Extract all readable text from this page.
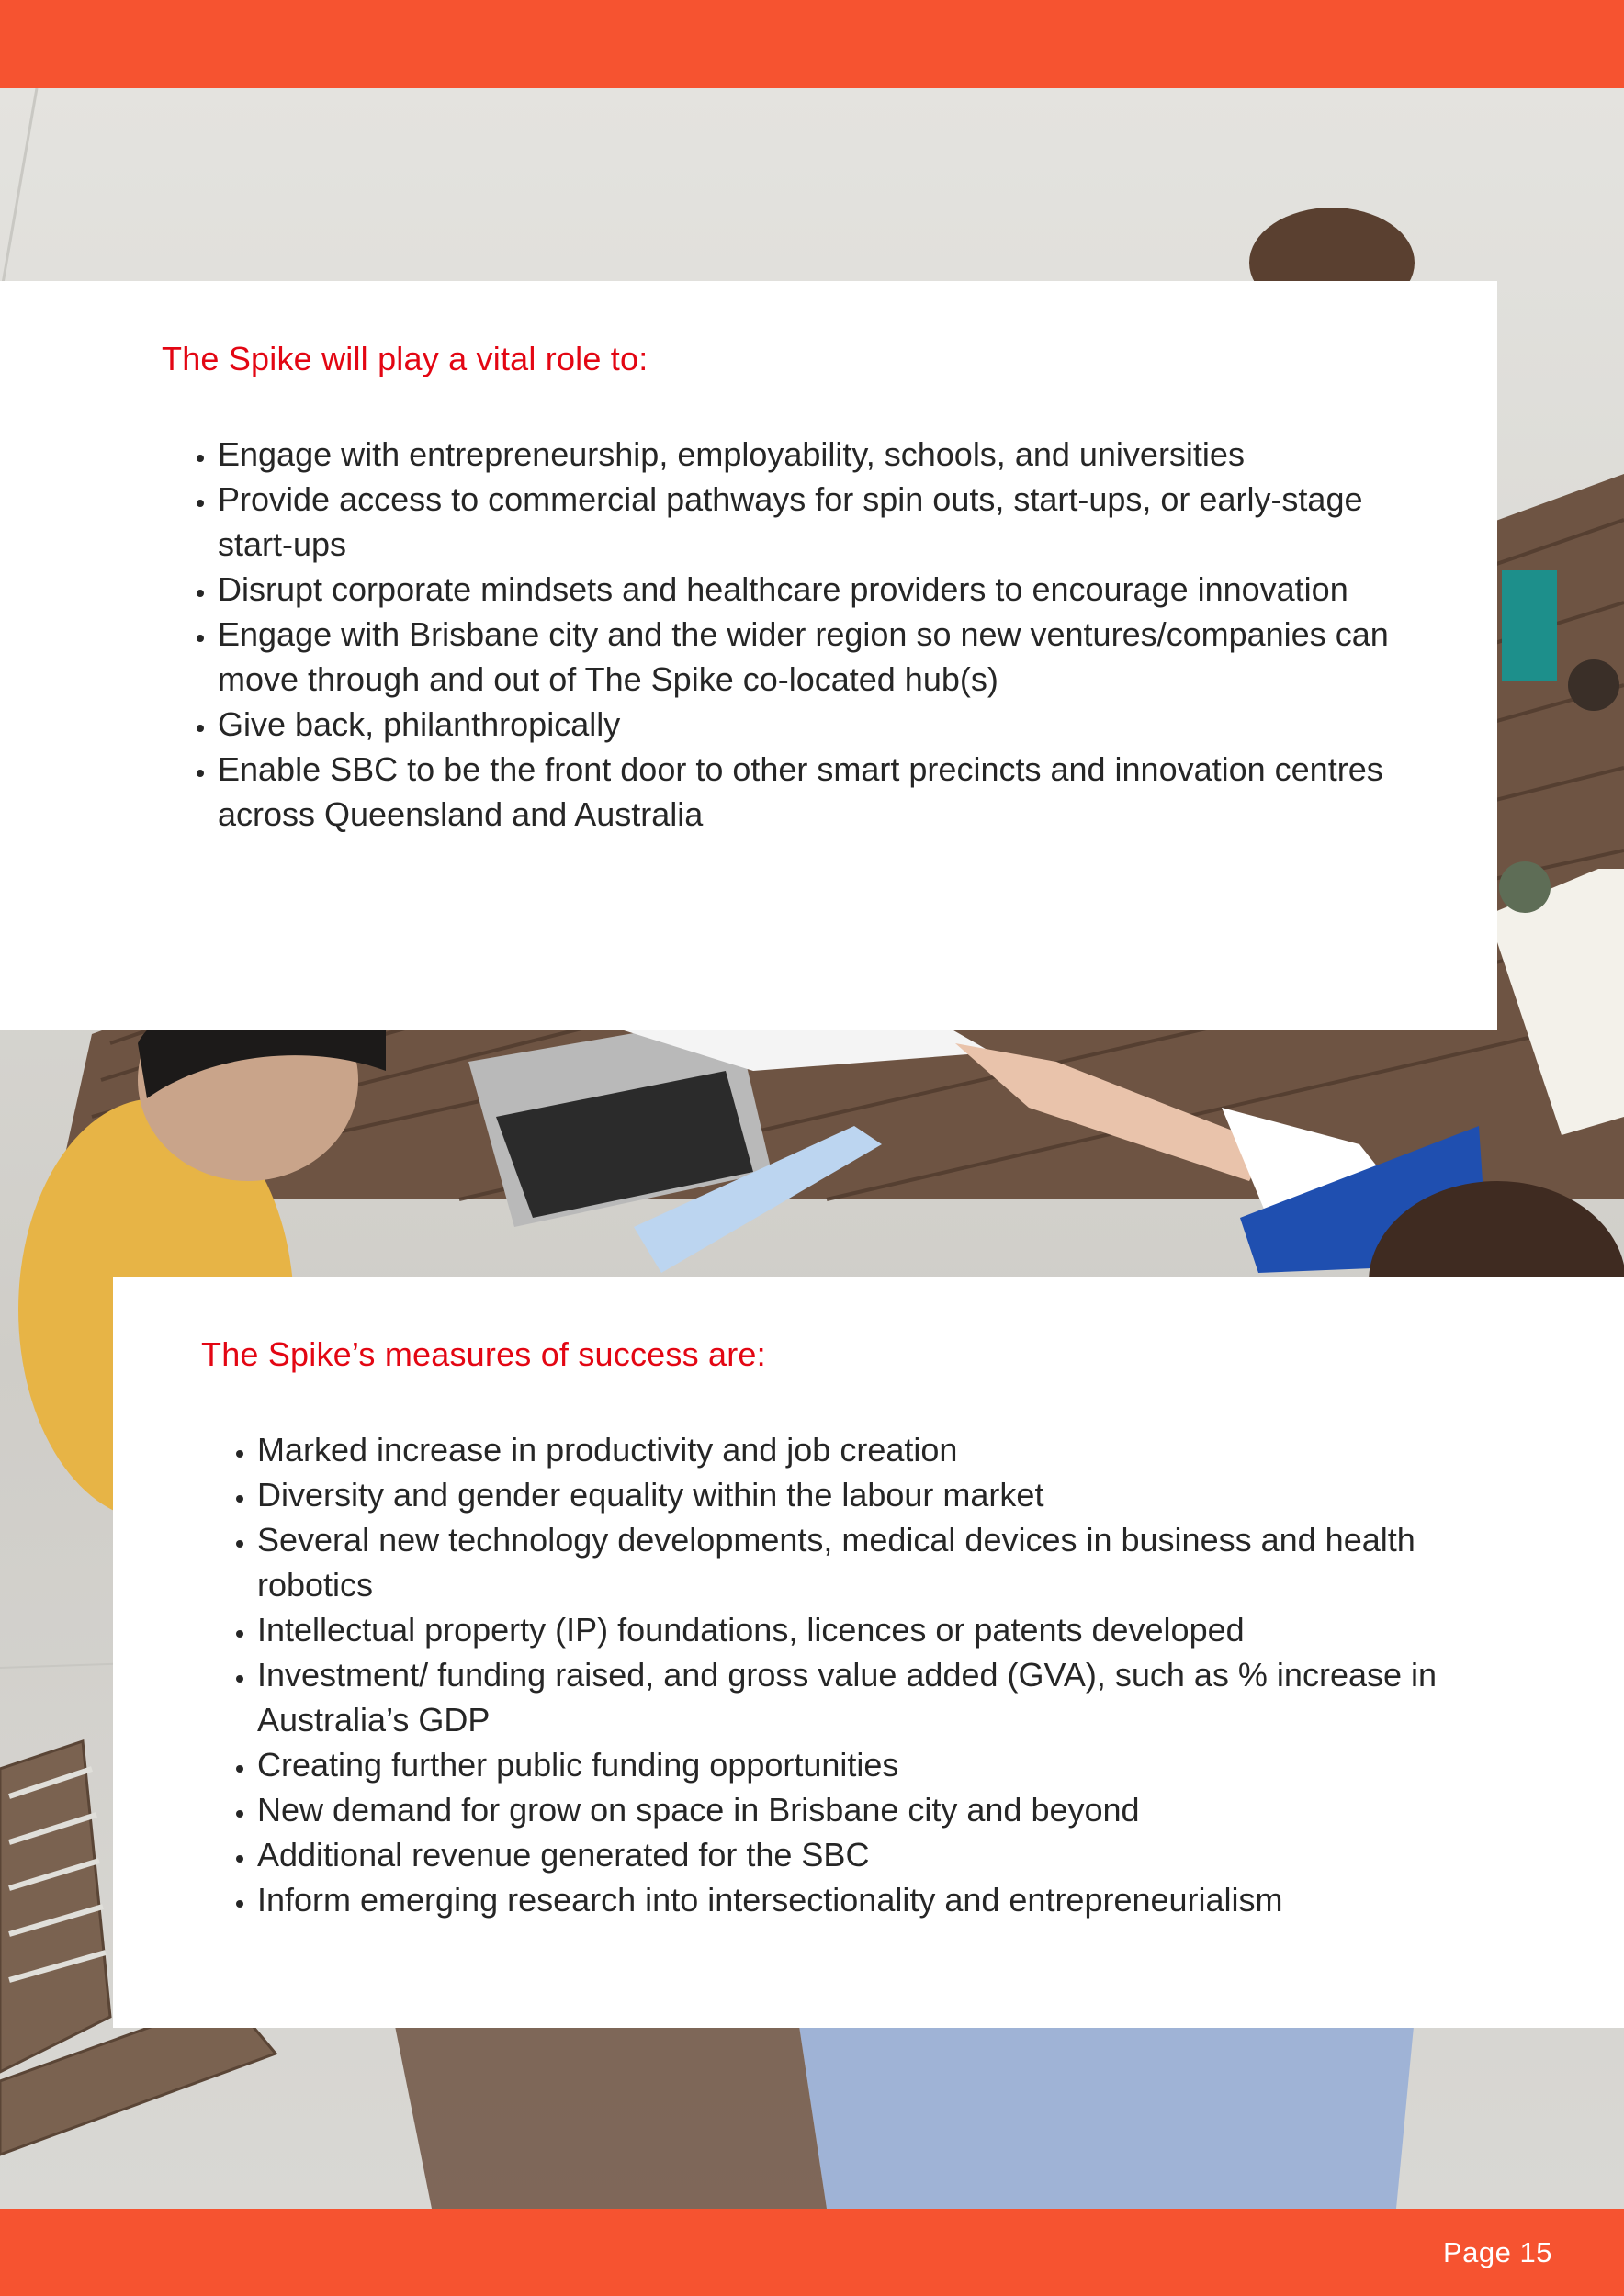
The Spike will play a vital role to:
• Engage with entrepreneurship, employability, schools, and universities
• Provide access to commercial pathways for spin outs, start-ups, or early-stage start-ups
• Disrupt corporate mindsets and healthcare providers to encourage innovation
• Engage with Brisbane city and the wider region so new ventures/companies can move through and out of The Spike co-located hub(s)
• Give back, philanthropically
• Enable SBC to be the front door to other smart precincts and innovation centres across Queensland and Australia
The Spike’s measures of success are:
• Marked increase in productivity and job creation
• Diversity and gender equality within the labour market
• Several new technology developments, medical devices in business and health robotics
• Intellectual property (IP) foundations, licences or patents developed
• Investment/ funding raised, and gross value added (GVA), such as % increase in Australia’s GDP
• Creating further public funding opportunities
• New demand for grow on space in Brisbane city and beyond
• Additional revenue generated for the SBC
• Inform emerging research into intersectionality and entrepreneurialism
Page 15
